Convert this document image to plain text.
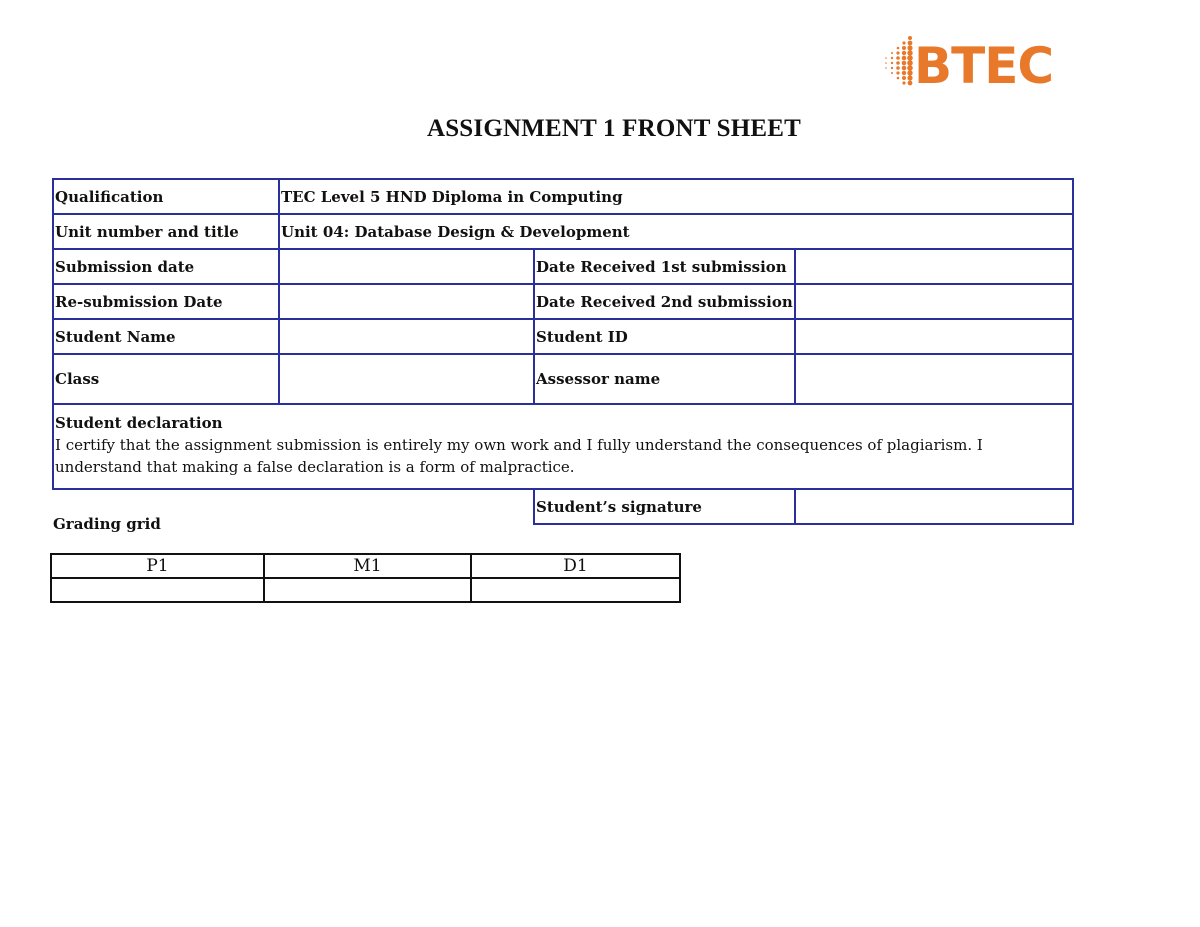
BTEC
ASSIGNMENT 1 FRONT SHEET
Qualification	TEC Level 5 HND Diploma in Computing		
Unit number and title	Unit 04: Database Design & Development		
Submission date		Date Received 1st submission	
Re-submission Date		Date Received 2nd submission	
Student Name		Student ID	
Class		Assessor name	

Student declaration
I certify that the assignment submission is entirely my own work and I fully understand the consequences of plagiarism. I understand that making a false declaration is a form of malpractice.			

		Student’s signature	
Grading grid
P1	M1	D1
